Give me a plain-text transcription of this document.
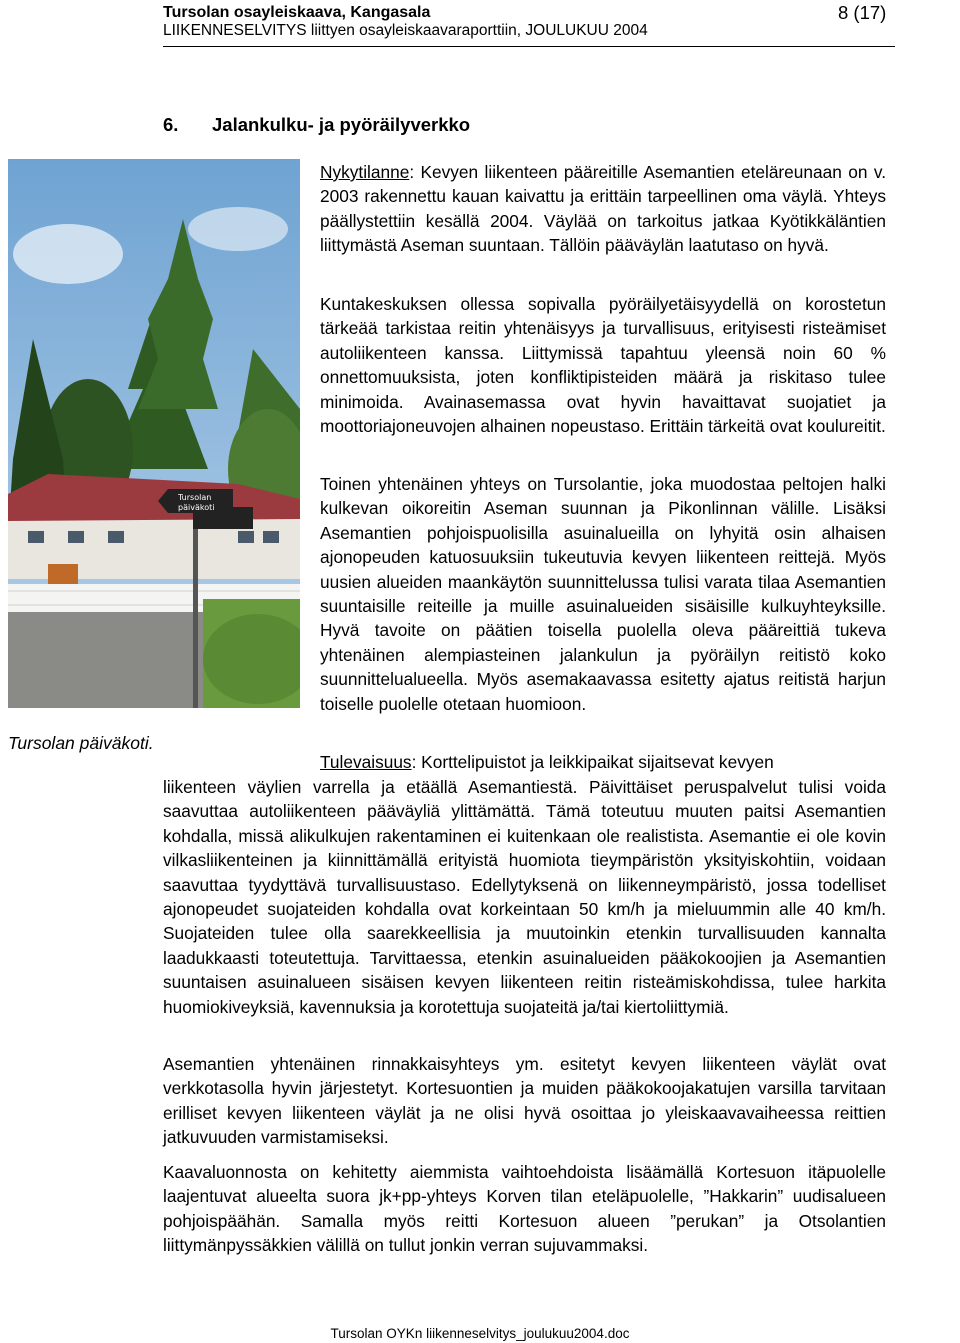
Tursolan osayleiskaava, Kangasala
LIIKENNESELVITYS liittyen osayleiskaavaraporttiin, JOULUKUU 2004
8 (17)
6. Jalankulku- ja pyöräilyverkko
Tursolan
päiväkoti
Tursolan päiväkoti.

Nykytilanne: Kevyen liikenteen pääreitille Asemantien eteläreunaan on v. 2003 rakennettu kauan kaivattu ja erittäin tarpeellinen oma väylä. Yhteys päällystettiin kesällä 2004. Väylää on tarkoitus jatkaa Kyötikkäläntien liittymästä Aseman suuntaan. Tällöin pääväylän laatutaso on hyvä.

Kuntakeskuksen ollessa sopivalla pyöräilyetäisyydellä on korostetun tärkeää tarkistaa reitin yhtenäisyys ja turvallisuus, erityisesti risteämiset autoliikenteen kanssa. Liittymissä tapahtuu yleensä noin 60 % onnettomuuksista, joten konfliktipisteiden määrä ja riskitaso tulee minimoida. Avainasemassa ovat hyvin havaittavat suojatiet ja moottoriajoneuvojen alhainen nopeustaso. Erittäin tärkeitä ovat koulureitit.

Toinen yhtenäinen yhteys on Tursolantie, joka muodostaa peltojen halki kulkevan oikoreitin Aseman suunnan ja Pikonlinnan välille. Lisäksi Asemantien pohjoispuolisilla asuinalueilla on lyhyitä osin alhaisen ajonopeuden katuosuuksiin tukeutuvia kevyen liikenteen reittejä. Myös uusien alueiden maankäytön suunnittelussa tulisi varata tilaa Asemantien suuntaisille reiteille ja muille asuinalueiden sisäisille kulkuyhteyksille. Hyvä tavoite on päätien toisella puolella oleva pääreittiä tukeva yhtenäinen alempiasteinen jalankulun ja pyöräilyn reitistö koko suunnittelualueella. Myös asemakaavassa esitetty ajatus reitistä harjun toiselle puolelle otetaan huomioon.

Tulevaisuus: Korttelipuistot ja leikkipaikat sijaitsevat kevyen

liikenteen väylien varrella ja etäällä Asemantiestä. Päivittäiset peruspalvelut tulisi voida saavuttaa autoliikenteen pääväyliä ylittämättä. Tämä toteutuu muuten paitsi Asemantien kohdalla, missä alikulkujen rakentaminen ei kuitenkaan ole realistista. Asemantie ei ole kovin vilkasliikenteinen ja kiinnittämällä erityistä huomiota tieympäristön yksityiskohtiin, voidaan saavuttaa tyydyttävä turvallisuustaso. Edellytyksenä on liikenneympäristö, jossa todelliset ajonopeudet suojateiden kohdalla ovat korkeintaan 50 km/h ja mieluummin alle 40 km/h. Suojateiden tulee olla saarekkeellisia ja muutoinkin etenkin turvallisuuden kannalta laadukkaasti toteutettuja. Tarvittaessa, etenkin asuinalueiden pääkokoojien ja Asemantien suuntaisen asuinalueen sisäisen kevyen liikenteen reitin risteämiskohdissa, tulee harkita huomiokiveyksiä, kavennuksia ja korotettuja suojateitä ja/tai kiertoliittymiä.

Asemantien yhtenäinen rinnakkaisyhteys ym. esitetyt kevyen liikenteen väylät ovat verkkotasolla hyvin järjestetyt. Kortesuontien ja muiden pääkokoojakatujen varsilla tarvitaan erilliset kevyen liikenteen väylät ja ne olisi hyvä osoittaa jo yleiskaavavaiheessa reittien jatkuvuuden varmistamiseksi.

Kaavaluonnosta on kehitetty aiemmista vaihtoehdoista lisäämällä Kortesuon itäpuolelle laajentuvat alueelta suora jk+pp-yhteys Korven tilan eteläpuolelle, ”Hakkarin” uudisalueen pohjoispäähän. Samalla myös reitti Kortesuon alueen ”perukan” ja Otsolantien liittymänpyssäkkien välillä on tullut jonkin verran sujuvammaksi.

Tursolan OYKn liikenneselvitys_joulukuu2004.doc
